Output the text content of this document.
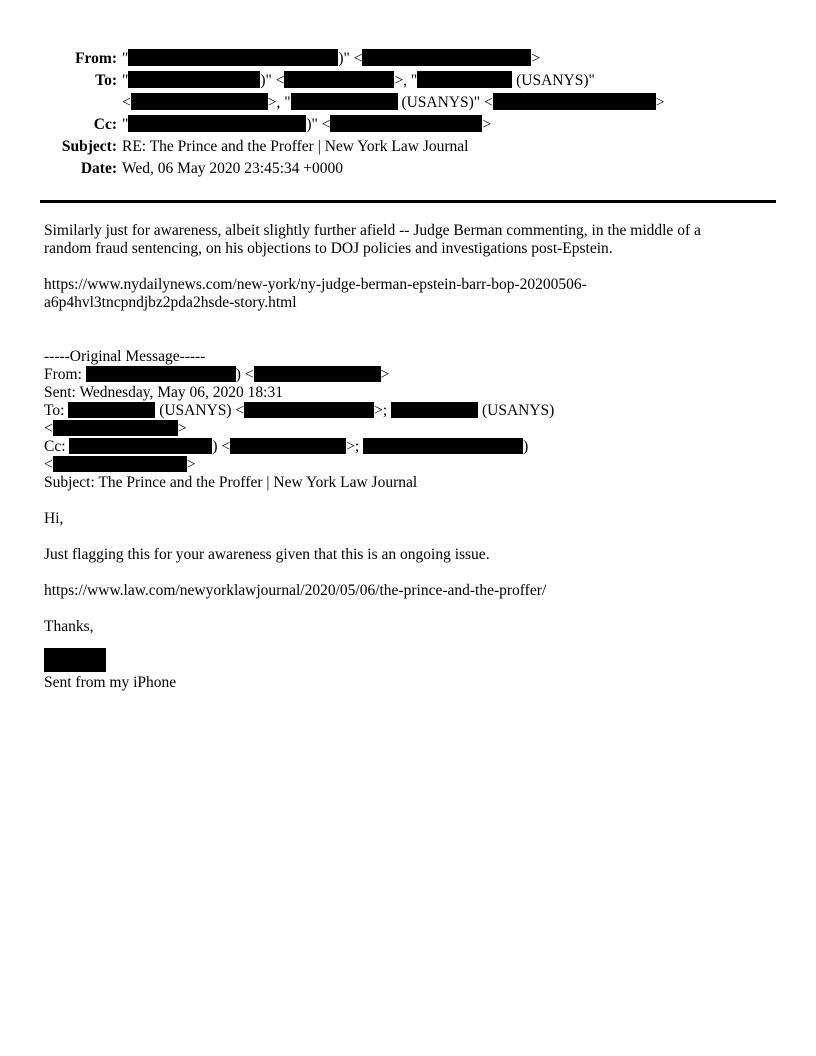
From: "	)" <	>
To: "	)" <	>, "	(USANYS)"
<	>, "	(USANYS)" <	>
Cc: "	)" <	>
Subject: RE: The Prince and the Proffer | New York Law Journal
Date: Wed, 06 May 2020 23:45:34 +0000
Similarly just for awareness, albeit slightly further afield -- Judge Berman commenting, in the middle of a
random fraud sentencing, on his objections to DOJ policies and investigations post-Epstein.
https://www.nydailynews.com/new-york/ny-judge-berman-epstein-barr-bop-20200506-
a6p4hvl3tncpndjbz2pda2hsde-story.html
-----Original Message-----
From:	) <	>
Sent: Wednesday, May 06, 2020 18:31
To:	(USANYS) <	>;	(USANYS)
<	>
Cc:	) <	>;	)
<	>
Subject: The Prince and the Proffer | New York Law Journal
Hi,
Just flagging this for your awareness given that this is an ongoing issue.
https://www.law.com/newyorklawjournal/2020/05/06/the-prince-and-the-proffer/
Thanks,
Sent from my iPhone
